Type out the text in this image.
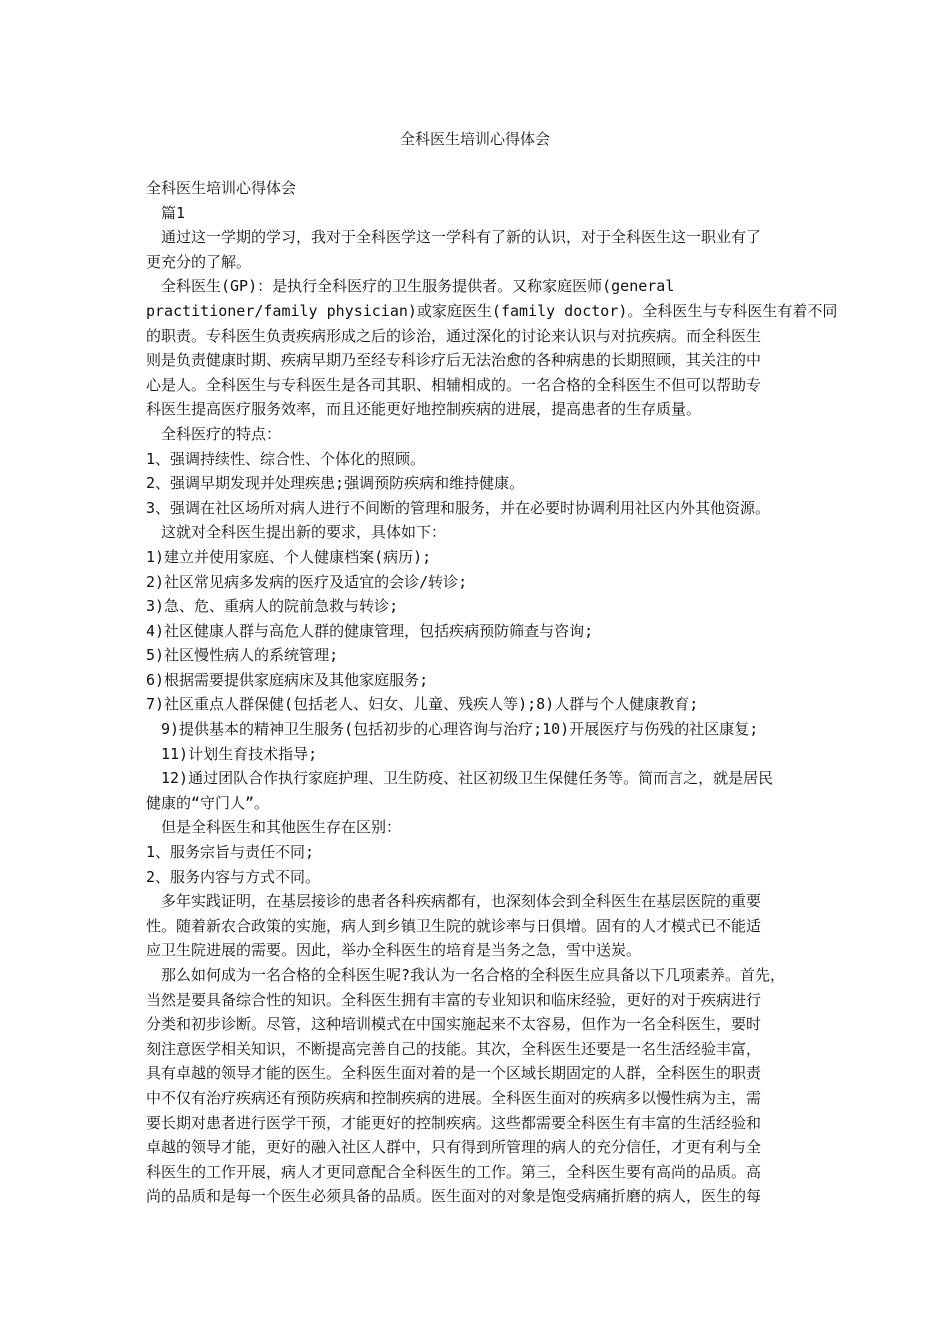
全科医生培训心得体会

全科医生培训心得体会

篇1

通过这一学期的学习，我对于全科医学这一学科有了新的认识，对于全科医生这一职业有了

更充分的了解。

全科医生(GP)：是执行全科医疗的卫生服务提供者。又称家庭医师(general

practitioner/family physician)或家庭医生(family doctor)。全科医生与专科医生有着不同

的职责。专科医生负责疾病形成之后的诊治，通过深化的讨论来认识与对抗疾病。而全科医生

则是负责健康时期、疾病早期乃至经专科诊疗后无法治愈的各种病患的长期照顾，其关注的中

心是人。全科医生与专科医生是各司其职、相辅相成的。一名合格的全科医生不但可以帮助专

科医生提高医疗服务效率，而且还能更好地控制疾病的进展，提高患者的生存质量。

全科医疗的特点：

1、强调持续性、综合性、个体化的照顾。

2、强调早期发现并处理疾患;强调预防疾病和维持健康。

3、强调在社区场所对病人进行不间断的管理和服务，并在必要时协调利用社区内外其他资源。

这就对全科医生提出新的要求，具体如下：

1)建立并使用家庭、个人健康档案(病历);

2)社区常见病多发病的医疗及适宜的会诊/转诊;

3)急、危、重病人的院前急救与转诊;

4)社区健康人群与高危人群的健康管理，包括疾病预防筛查与咨询;

5)社区慢性病人的系统管理;

6)根据需要提供家庭病床及其他家庭服务;

7)社区重点人群保健(包括老人、妇女、儿童、残疾人等);8)人群与个人健康教育;

9)提供基本的精神卫生服务(包括初步的心理咨询与治疗;10)开展医疗与伤残的社区康复;

11)计划生育技术指导;

12)通过团队合作执行家庭护理、卫生防疫、社区初级卫生保健任务等。简而言之，就是居民

健康的“守门人”。

但是全科医生和其他医生存在区别：

1、服务宗旨与责任不同;

2、服务内容与方式不同。

多年实践证明，在基层接诊的患者各科疾病都有，也深刻体会到全科医生在基层医院的重要

性。随着新农合政策的实施，病人到乡镇卫生院的就诊率与日俱增。固有的人才模式已不能适

应卫生院进展的需要。因此，举办全科医生的培育是当务之急，雪中送炭。

那么如何成为一名合格的全科医生呢?我认为一名合格的全科医生应具备以下几项素养。首先，

当然是要具备综合性的知识。全科医生拥有丰富的专业知识和临床经验，更好的对于疾病进行

分类和初步诊断。尽管，这种培训模式在中国实施起来不太容易，但作为一名全科医生，要时

刻注意医学相关知识，不断提高完善自己的技能。其次，全科医生还要是一名生活经验丰富，

具有卓越的领导才能的医生。全科医生面对着的是一个区域长期固定的人群，全科医生的职责

中不仅有治疗疾病还有预防疾病和控制疾病的进展。全科医生面对的疾病多以慢性病为主，需

要长期对患者进行医学干预，才能更好的控制疾病。这些都需要全科医生有丰富的生活经验和

卓越的领导才能，更好的融入社区人群中，只有得到所管理的病人的充分信任，才更有利与全

科医生的工作开展，病人才更同意配合全科医生的工作。第三，全科医生要有高尚的品质。高

尚的品质和是每一个医生必须具备的品质。医生面对的对象是饱受病痛折磨的病人，医生的每
